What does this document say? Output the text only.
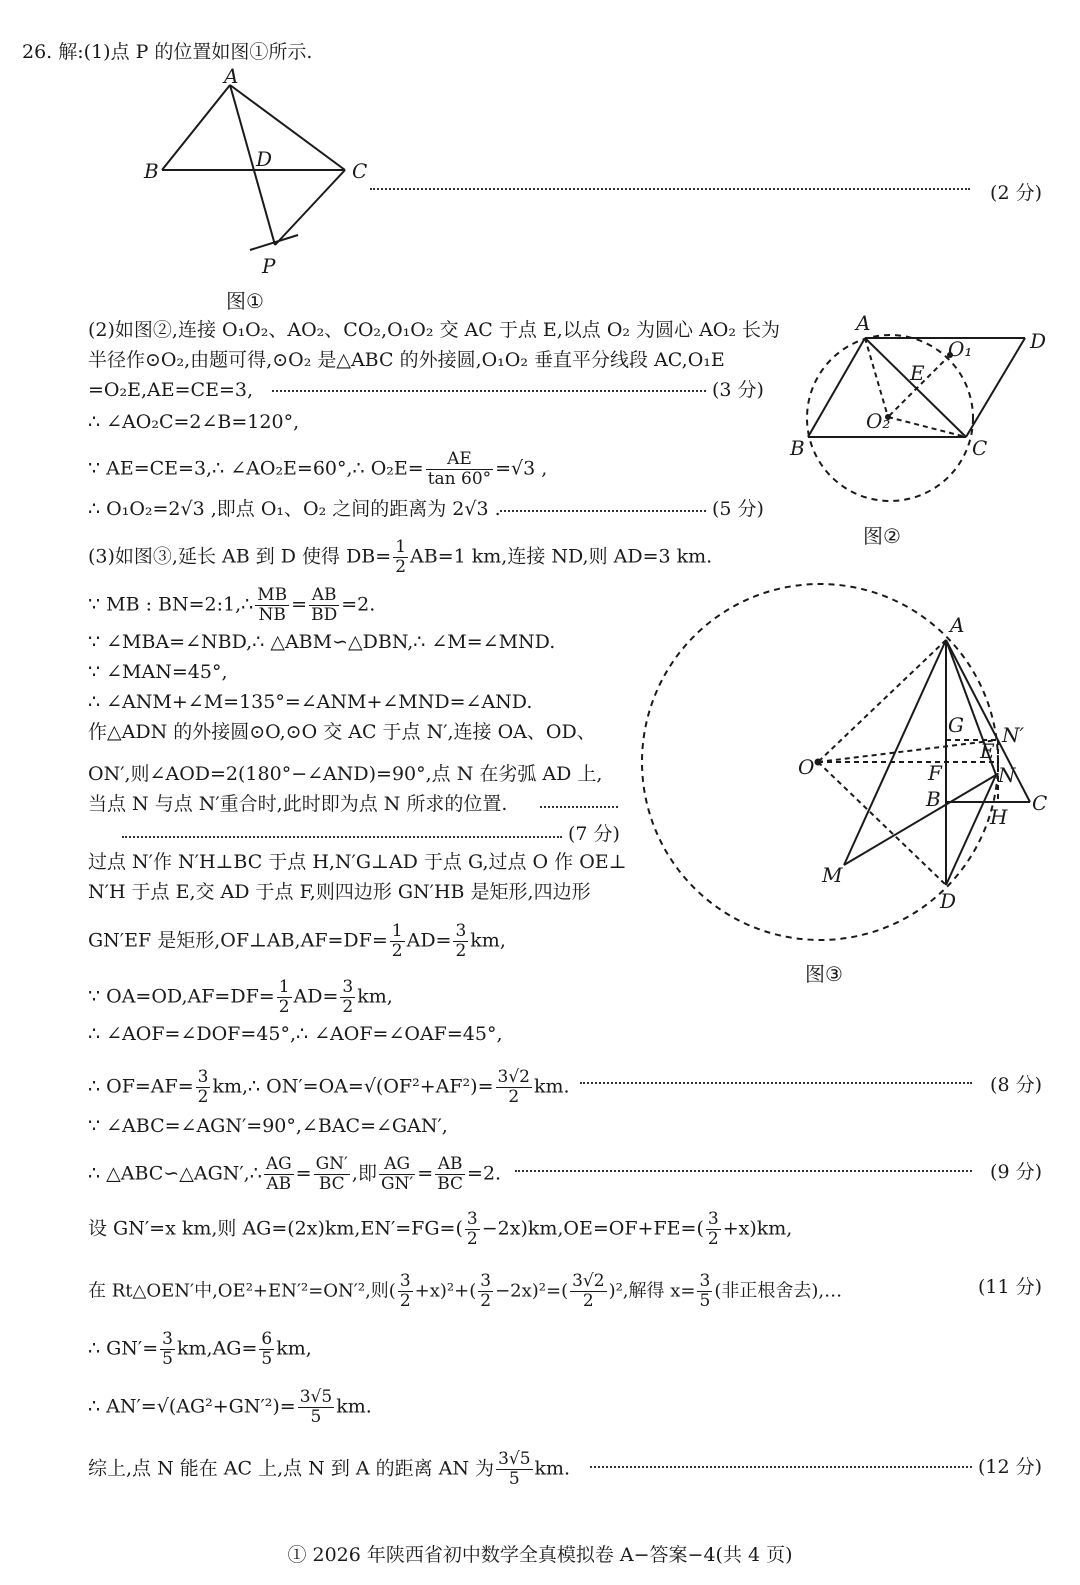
26. 解:(1)点 P 的位置如图①所示.
A
B	C
D
P
(2 分)
图①
(2)如图②,连接 O₁O₂、AO₂、CO₂,O₁O₂ 交 AC 于点 E,以点 O₂ 为圆心 AO₂ 长为
半径作⊙O₂,由题可得,⊙O₂ 是△ABC 的外接圆,O₁O₂ 垂直平分线段 AC,O₁E
=O₂E,AE=CE=3,	(3 分)
∴ ∠AO₂C=2∠B=120°,
∵ AE=CE=3,∴ ∠AO₂E=60°,∴ $O_2E= \frac{AE}{\tan 60^\circ} =√3$ ,
∴ O₁O₂=2√3 ,即点 O₁、O₂ 之间的距离为 2√3 .	(5 分)
A
D
B	C
E
O₁
O₂
图②
(3)如图③,延长 AB 到 D 使得 $DB= \frac{1}{2} AB=1$ km,连接 ND,则 AD=3 km.
∵ MB : BN=2:1,∴ $\frac{MB}{NB} = \frac{AB}{BD} =2$.
∵ ∠MBA=∠NBD,∴ △ABM∽△DBN,∴ ∠M=∠MND.
∵ ∠MAN=45°,
∴ ∠ANM+∠M=135°=∠ANM+∠MND=∠AND.
作△ADN 的外接圆⊙O,⊙O 交 AC 于点 N′,连接 OA、OD、
ON′,则∠AOD=2(180°−∠AND)=90°,点 N 在劣弧 AD 上,
当点 N 与点 N′重合时,此时即为点 N 所求的位置.
(7 分)
过点 N′作 N′H⊥BC 于点 H,N′G⊥AD 于点 G,过点 O 作 OE⊥
N′H 于点 E,交 AD 于点 F,则四边形 GN′HB 是矩形,四边形
GN′EF 是矩形,OF⊥AB,AF=DF= $\frac{1}{2} AD= \frac{3}{2}$ km,
∵ $OA=OD,AF=DF= \frac{1}{2} AD= \frac{3}{2}$ km,
∴ ∠AOF=∠DOF=45°,∴ ∠AOF=∠OAF=45°,
∴ $OF=AF= \frac{3}{2}$ km,∴ $ON'=OA=√(OF^2+AF^2)= \frac{3√2}{2}$ km.	(8 分)
∵ ∠ABC=∠AGN′=90°,∠BAC=∠GAN′,
∴ △ABC∽△AGN′,∴ $\frac{AG}{AB} = \frac{GN'}{BC}$ ,即 $\frac{AG}{GN'} = \frac{AB}{BC} =2$.	(9 分)
设 GN′=x km,则 $AG=(2x)km,EN'=FG=( \frac{3}{2} -2x)km,OE=OF+FE=( \frac{3}{2} +x)km$,
在 Rt△OEN′中,OE²+EN′²=ON′²,则( $\frac{3}{2} +x)^2+( \frac{3}{2} -2x)^2=( \frac{3√2}{2} )^2$,解得 $x= \frac{3}{5}$ (非正根舍去),…	(11 分)
∴ $GN'= \frac{3}{5} km,AG= \frac{6}{5}$ km,
∴ $AN'=√(AG^2+GN'^2)= \frac{3√5}{5}$ km.
综上,点 N 能在 AC 上,点 N 到 A 的距离 AN 为 $\frac{3√5}{5}$ km.	(12 分)
A
G N′
E
O	F	N
B	C
H
M
D
图③
① 2026 年陕西省初中数学全真模拟卷 A−答案−4(共 4 页)
